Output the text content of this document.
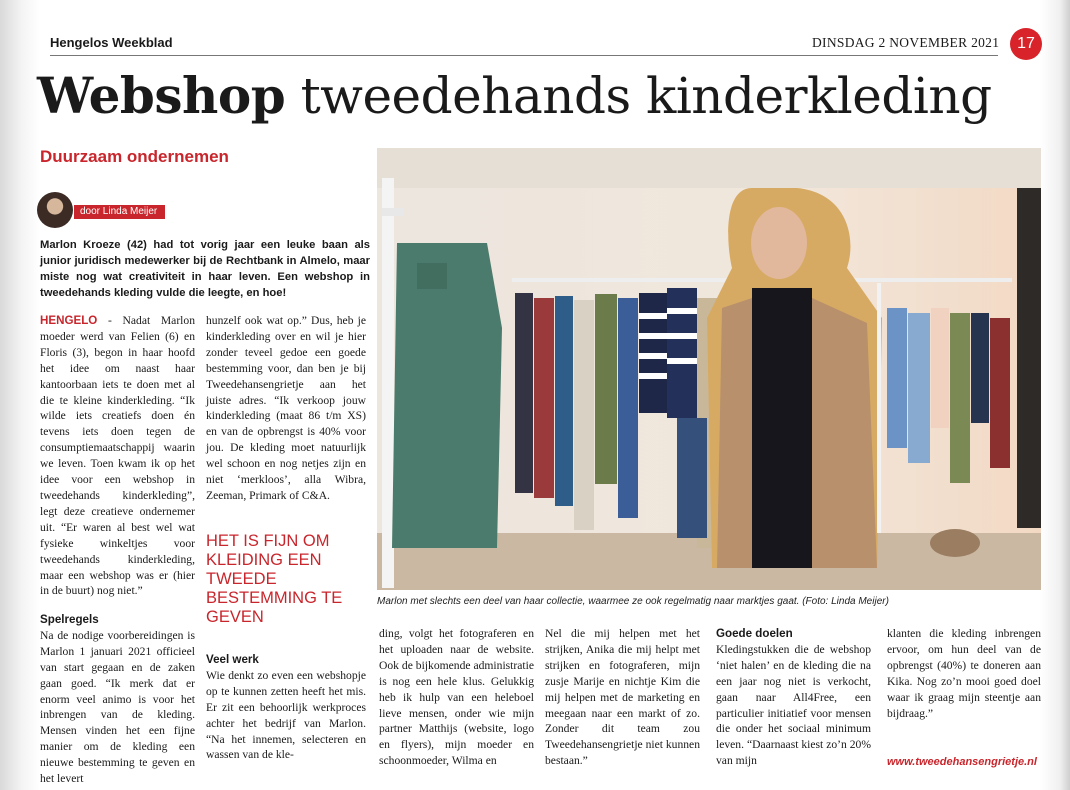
Hengelos Weekblad	DINSDAG 2 NOVEMBER 2021	17
Webshop tweedehands kinderkleding
Duurzaam ondernemen
door Linda Meijer
Marlon Kroeze (42) had tot vorig jaar een leuke baan als junior juridisch medewerker bij de Rechtbank in Almelo, maar miste nog wat creativiteit in haar leven. Een webshop in tweedehands kleding vulde die leegte, en hoe!
HENGELO - Nadat Marlon moeder werd van Felien (6) en Floris (3), begon in haar hoofd het idee om naast haar kantoorbaan iets te doen met al die te kleine kinderkleding. “Ik wilde iets creatiefs doen én tevens iets doen tegen de consumptiemaatschappij waarin we leven. Toen kwam ik op het idee voor een webshop in tweedehands kinderkleding”, legt deze creatieve ondernemer uit. “Er waren al best wel wat fysieke winkeltjes voor tweedehands kinderkleding, maar een webshop was er (hier in de buurt) nog niet.”
Spelregels
Na de nodige voorbereidingen is Marlon 1 januari 2021 officieel van start gegaan en de zaken gaan goed. “Ik merk dat er enorm veel animo is voor het inbrengen van de kleding. Mensen vinden het een fijne manier om de kleding een nieuwe bestemming te geven en het levert
hunzelf ook wat op.” Dus, heb je kinderkleding over en wil je hier zonder teveel gedoe een goede bestemming voor, dan ben je bij Tweedehansengrietje aan het juiste adres. “Ik verkoop jouw kinderkleding (maat 86 t/m XS) en van de opbrengst is 40% voor jou. De kleding moet natuurlijk wel schoon en nog netjes zijn en niet ‘merkloos’, alla Wibra, Zeeman, Primark of C&A.
HET IS FIJN OM KLEIDING EEN TWEEDE BESTEMMING TE GEVEN
Veel werk
Wie denkt zo even een webshopje op te kunnen zetten heeft het mis. Er zit een behoorlijk werkproces achter het bedrijf van Marlon. “Na het innemen, selecteren en wassen van de kle-
Marlon met slechts een deel van haar collectie, waarmee ze ook regelmatig naar marktjes gaat. (Foto: Linda Meijer)
ding, volgt het fotograferen en het uploaden naar de website. Ook de bijkomende administratie is nog een hele klus. Gelukkig heb ik hulp van een heleboel lieve mensen, onder wie mijn partner Matthijs (website, logo en flyers), mijn moeder en schoonmoeder, Wilma en
Nel die mij helpen met het strijken, Anika die mij helpt met strijken en fotograferen, mijn zusje Marije en nichtje Kim die mij helpen met de marketing en meegaan naar een markt of zo. Zonder dit team zou Tweedehansengrietje niet kunnen bestaan.”
Goede doelen
Kledingstukken die de webshop ‘niet halen’ en de kleding die na een jaar nog niet is verkocht, gaan naar All4Free, een particulier initiatief voor mensen die onder het sociaal minimum leven. “Daarnaast kiest zo’n 20% van mijn
klanten die kleding inbrengen ervoor, om hun deel van de opbrengst (40%) te doneren aan Kika. Nog zo’n mooi goed doel waar ik graag mijn steentje aan bijdraag.”
www.tweedehansengrietje.nl
